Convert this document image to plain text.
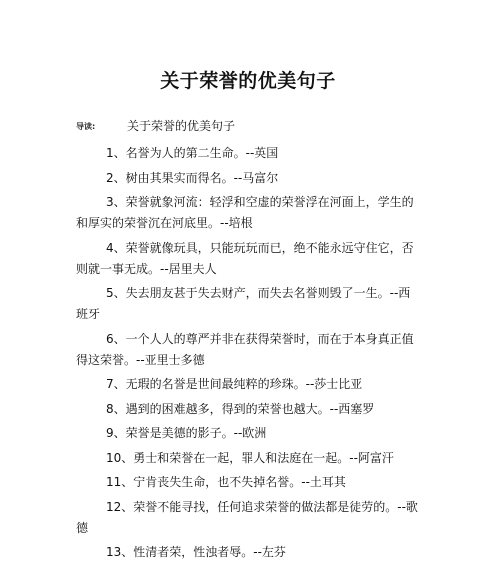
关于荣誉的优美句子
导读:	关于荣誉的优美句子

1、名誉为人的第二生命。--英国

2、树由其果实而得名。--马富尔

3、荣誉就象河流：轻浮和空虚的荣誉浮在河面上，学生的和厚实的荣誉沉在河底里。--培根

4、荣誉就像玩具，只能玩玩而已，绝不能永远守住它，否则就一事无成。--居里夫人

5、失去朋友甚于失去财产，而失去名誉则毁了一生。--西班牙

6、一个人人的尊严并非在获得荣誉时，而在于本身真正值得这荣誉。--亚里士多德

7、无瑕的名誉是世间最纯粹的珍珠。--莎士比亚

8、遇到的困难越多，得到的荣誉也越大。--西塞罗

9、荣誉是美德的影子。--欧洲

10、勇士和荣誉在一起，罪人和法庭在一起。--阿富汗

11、宁肯丧失生命，也不失掉名誉。--土耳其

12、荣誉不能寻找，任何追求荣誉的做法都是徒劳的。--歌德

13、性清者荣，性浊者辱。--左芬
